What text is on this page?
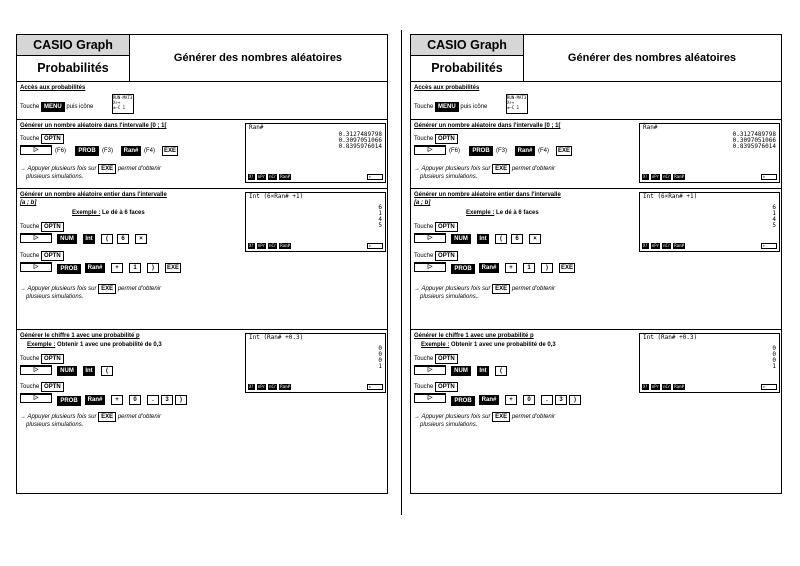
CASIO Graph
Probabilités
Générer des nombres aléatoires
Accès aux probabilités
Touche MENU puis icône
RUN·MAT3
X÷+
±−C 1
Générer un nombre aléatoire dans l'intervalle [0 ; 1[
Touche OPTN
▷	(F6)	PROB	(F3)	Ran# (F4)	EXE
→ Appuyer plusieurs fois sur EXE permet d'obtenir
plusieurs simulations.
Ran#
0.3127489798
0.3097051066
0.8395976014
X! nPr nCr Ran#	▷
Générer un nombre aléatoire entier dans l'intervalle
[a ; b]
Exemple : Le dé à 6 faces
Touche OPTN
▷	NUM	Int	(	6	×
Touche OPTN
▷	PROB	Ran#	+	1	)	EXE
→ Appuyer plusieurs fois sur EXE permet d'obtenir
plusieurs simulations.
Int (6×Ran# +1)
6
1
4
5
X! nPr nCr Ran#	▷
Générer le chiffre 1 avec une probabilité p
Exemple : Obtenir 1 avec une probabilité de 0,3
Touche OPTN
▷	NUM	Int	(
Touche OPTN
▷	PROB	Ran#	+	0	.	3	)
→ Appuyer plusieurs fois sur EXE permet d'obtenir
plusieurs simulations.
Int (Ran# +0.3)
0
0
0
1
X! nPr nCr Ran#	▷
CASIO Graph
Probabilités
Générer des nombres aléatoires
Accès aux probabilités
Touche MENU puis icône
RUN·MAT3
X÷+
±−C 1
Générer un nombre aléatoire dans l'intervalle [0 ; 1[
Touche OPTN
▷	(F6)	PROB	(F3)	Ran# (F4)	EXE
→ Appuyer plusieurs fois sur EXE permet d'obtenir
plusieurs simulations.
Ran#
0.3127489798
0.3097051066
0.8395976014
X! nPr nCr Ran#	▷
Générer un nombre aléatoire entier dans l'intervalle
[a ; b]
Exemple : Le dé à 6 faces
Touche OPTN
▷	NUM	Int	(	6	×
Touche OPTN
▷	PROB	Ran#	+	1	)	EXE
→ Appuyer plusieurs fois sur EXE permet d'obtenir
plusieurs simulations..
Int (6×Ran# +1)
6
1
4
5
X! nPr nCr Ran#	▷
Générer le chiffre 1 avec une probabilité p
Exemple : Obtenir 1 avec une probabilité de 0,3
Touche OPTN
▷	NUM	Int	(
Touche OPTN
▷	PROB	Ran#	+	0	.	3	)
→ Appuyer plusieurs fois sur EXE permet d'obtenir
plusieurs simulations.
Int (Ran# +0.3)
0
0
0
1
X! nPr nCr Ran#	▷
